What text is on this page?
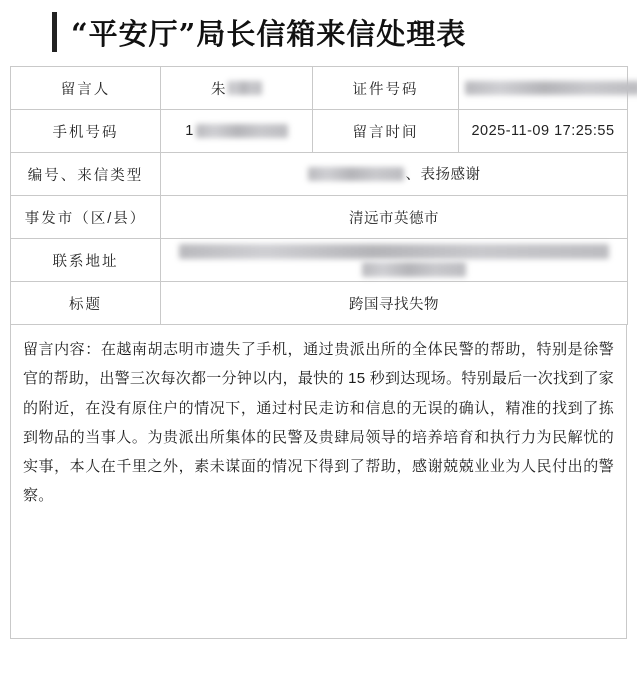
“平安厅”局长信箱来信处理表
留言人	朱	证件号码	
手机号码	1	留言时间	2025-11-09 17:25:55
编号、来信类型	、表扬感谢		

事发市（区/县）	清远市英德市		
联系地址			

标题	跨国寻找失物		

留言内容：在越南胡志明市遗失了手机，通过贵派出所的全体民警的帮助，特别是徐警官的帮助，出警三次每次都一分钟以内，最快的 15 秒到达现场。特别最后一次找到了家的附近，在没有原住户的情况下，通过村民走访和信息的无误的确认，精准的找到了拣到物品的当事人。为贵派出所集体的民警及贵肆局领导的培养培育和执行力为民解忧的实事，本人在千里之外，素未谋面的情况下得到了帮助，感谢兢兢业业为人民付出的警察。
